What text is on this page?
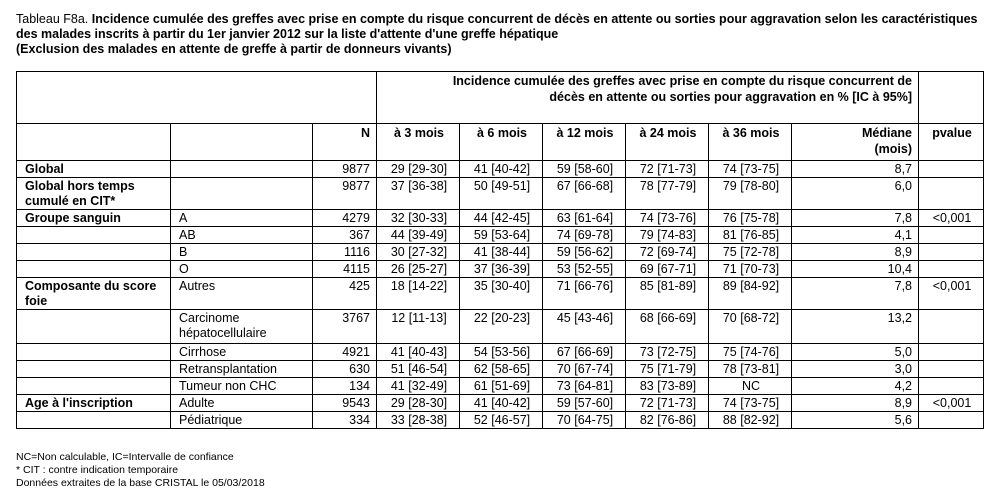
Tableau F8a. Incidence cumulée des greffes avec prise en compte du risque concurrent de décès en attente ou sorties pour aggravation selon les caractéristiques des malades inscrits à partir du 1er janvier 2012 sur la liste d'attente d'une greffe hépatique
(Exclusion des malades en attente de greffe à partir de donneurs vivants)
			Incidence cumulée des greffes avec prise en compte du risque concurrent de décès en attente ou sorties pour aggravation en % [IC à 95%]						
		N	à 3 mois	à 6 mois	à 12 mois	à 24 mois	à 36 mois	Médiane (mois)	pvalue
Global		9877	29 [29-30]	41 [40-42]	59 [58-60]	72 [71-73]	74 [73-75]	8,7	
Global hors temps cumulé en CIT*		9877	37 [36-38]	50 [49-51]	67 [66-68]	78 [77-79]	79 [78-80]	6,0	
Groupe sanguin	A	4279	32 [30-33]	44 [42-45]	63 [61-64]	74 [73-76]	76 [75-78]	7,8	<0,001
	AB	367	44 [39-49]	59 [53-64]	74 [69-78]	79 [74-83]	81 [76-85]	4,1	
	B	1116	30 [27-32]	41 [38-44]	59 [56-62]	72 [69-74]	75 [72-78]	8,9	
	O	4115	26 [25-27]	37 [36-39]	53 [52-55]	69 [67-71]	71 [70-73]	10,4	
Composante du score foie	Autres	425	18 [14-22]	35 [30-40]	71 [66-76]	85 [81-89]	89 [84-92]	7,8	<0,001
	Carcinome hépatocellulaire	3767	12 [11-13]	22 [20-23]	45 [43-46]	68 [66-69]	70 [68-72]	13,2	
	Cirrhose	4921	41 [40-43]	54 [53-56]	67 [66-69]	73 [72-75]	75 [74-76]	5,0	
	Retransplantation	630	51 [46-54]	62 [58-65]	70 [67-74]	75 [71-79]	78 [73-81]	3,0	
	Tumeur non CHC	134	41 [32-49]	61 [51-69]	73 [64-81]	83 [73-89]	NC	4,2	
Age à l'inscription	Adulte	9543	29 [28-30]	41 [40-42]	59 [57-60]	72 [71-73]	74 [73-75]	8,9	<0,001
	Pédiatrique	334	33 [28-38]	52 [46-57]	70 [64-75]	82 [76-86]	88 [82-92]	5,6	
NC=Non calculable, IC=Intervalle de confiance
* CIT : contre indication temporaire
Données extraites de la base CRISTAL le 05/03/2018
